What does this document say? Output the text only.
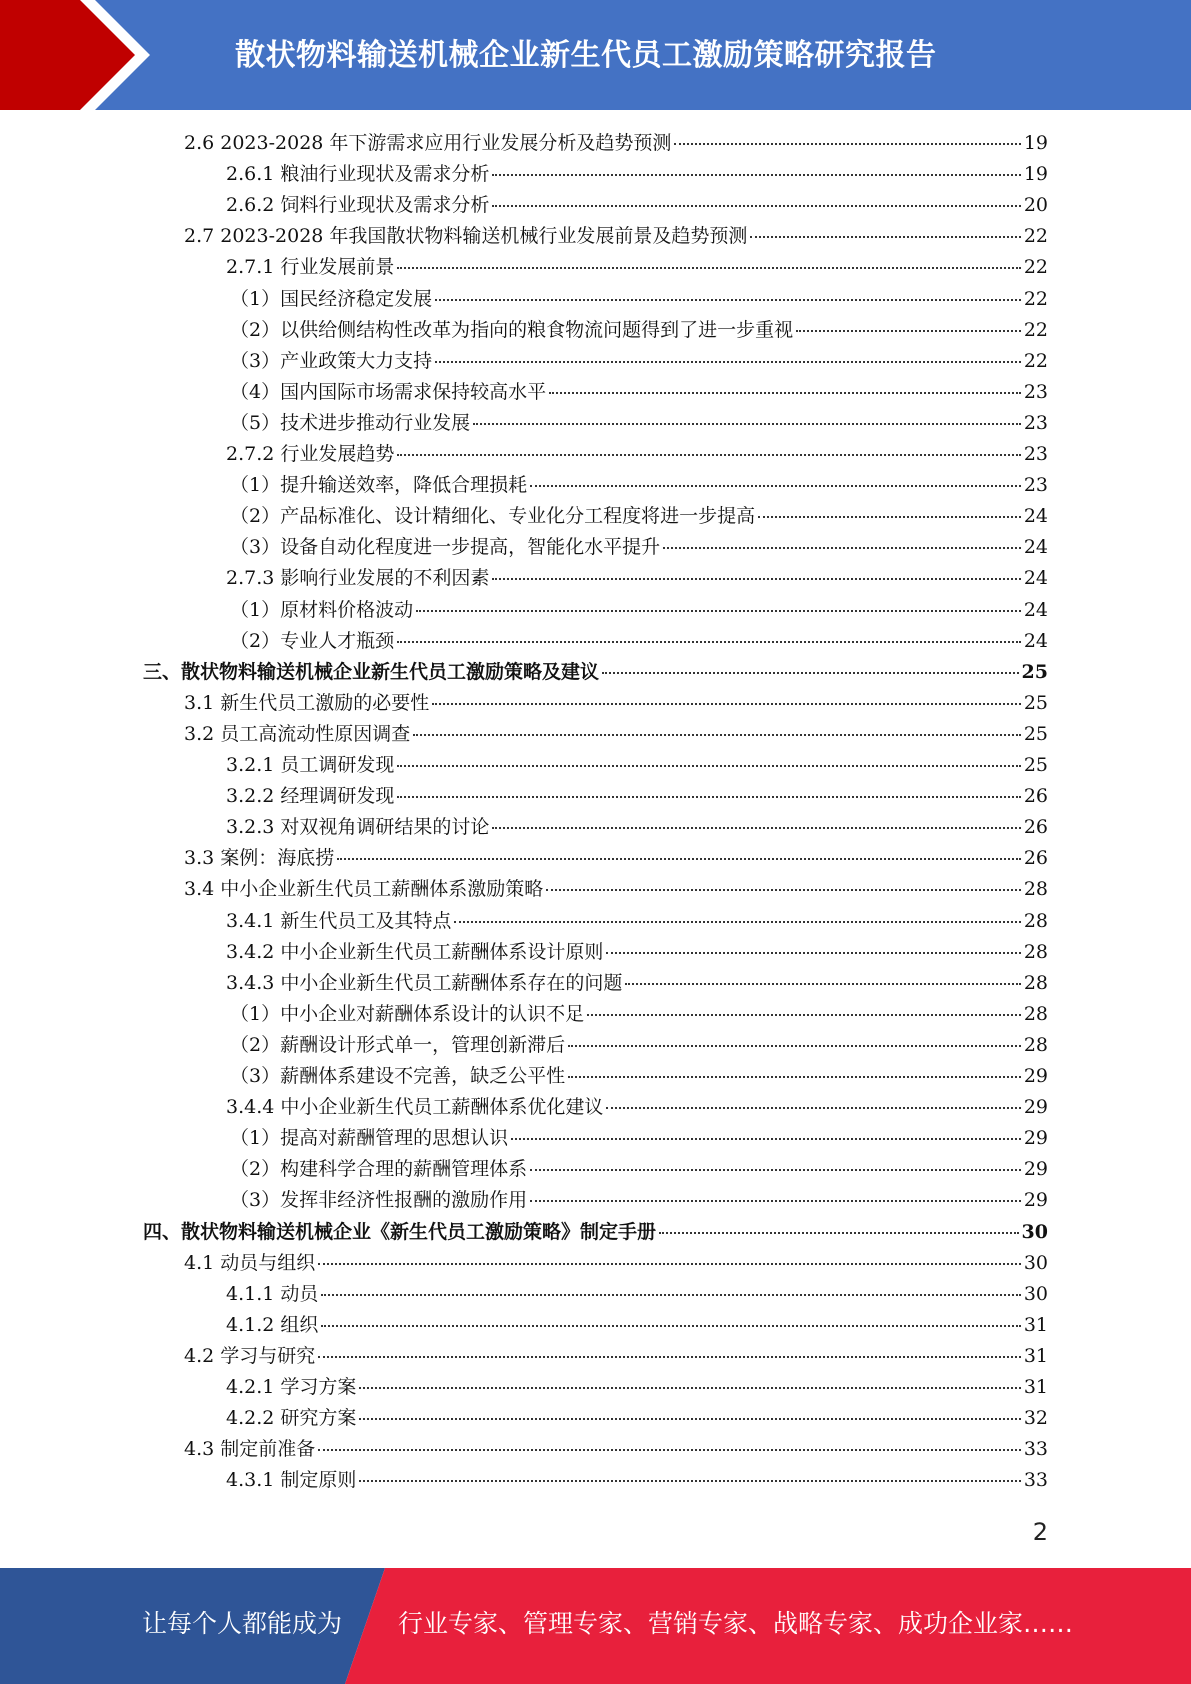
散状物料输送机械企业新生代员工激励策略研究报告
2.6 2023-2028 年下游需求应用行业发展分析及趋势预测	19
2.6.1 粮油行业现状及需求分析	19
2.6.2 饲料行业现状及需求分析	20
2.7 2023-2028 年我国散状物料输送机械行业发展前景及趋势预测	22
2.7.1 行业发展前景	22
（1）国民经济稳定发展	22
（2）以供给侧结构性改革为指向的粮食物流问题得到了进一步重视	22
（3）产业政策大力支持	22
（4）国内国际市场需求保持较高水平	23
（5）技术进步推动行业发展	23
2.7.2 行业发展趋势	23
（1）提升输送效率，降低合理损耗	23
（2）产品标准化、设计精细化、专业化分工程度将进一步提高	24
（3）设备自动化程度进一步提高，智能化水平提升	24
2.7.3 影响行业发展的不利因素	24
（1）原材料价格波动	24
（2）专业人才瓶颈	24
三、散状物料输送机械企业新生代员工激励策略及建议	25
3.1 新生代员工激励的必要性	25
3.2 员工高流动性原因调查	25
3.2.1 员工调研发现	25
3.2.2 经理调研发现	26
3.2.3 对双视角调研结果的讨论	26
3.3 案例：海底捞	26
3.4 中小企业新生代员工薪酬体系激励策略	28
3.4.1 新生代员工及其特点	28
3.4.2 中小企业新生代员工薪酬体系设计原则	28
3.4.3 中小企业新生代员工薪酬体系存在的问题	28
（1）中小企业对薪酬体系设计的认识不足	28
（2）薪酬设计形式单一，管理创新滞后	28
（3）薪酬体系建设不完善，缺乏公平性	29
3.4.4 中小企业新生代员工薪酬体系优化建议	29
（1）提高对薪酬管理的思想认识	29
（2）构建科学合理的薪酬管理体系	29
（3）发挥非经济性报酬的激励作用	29
四、散状物料输送机械企业《新生代员工激励策略》制定手册	30
4.1 动员与组织	30
4.1.1 动员	30
4.1.2 组织	31
4.2 学习与研究	31
4.2.1 学习方案	31
4.2.2 研究方案	32
4.3 制定前准备	33
4.3.1 制定原则	33
2
让每个人都能成为 行业专家、管理专家、营销专家、战略专家、成功企业家……
